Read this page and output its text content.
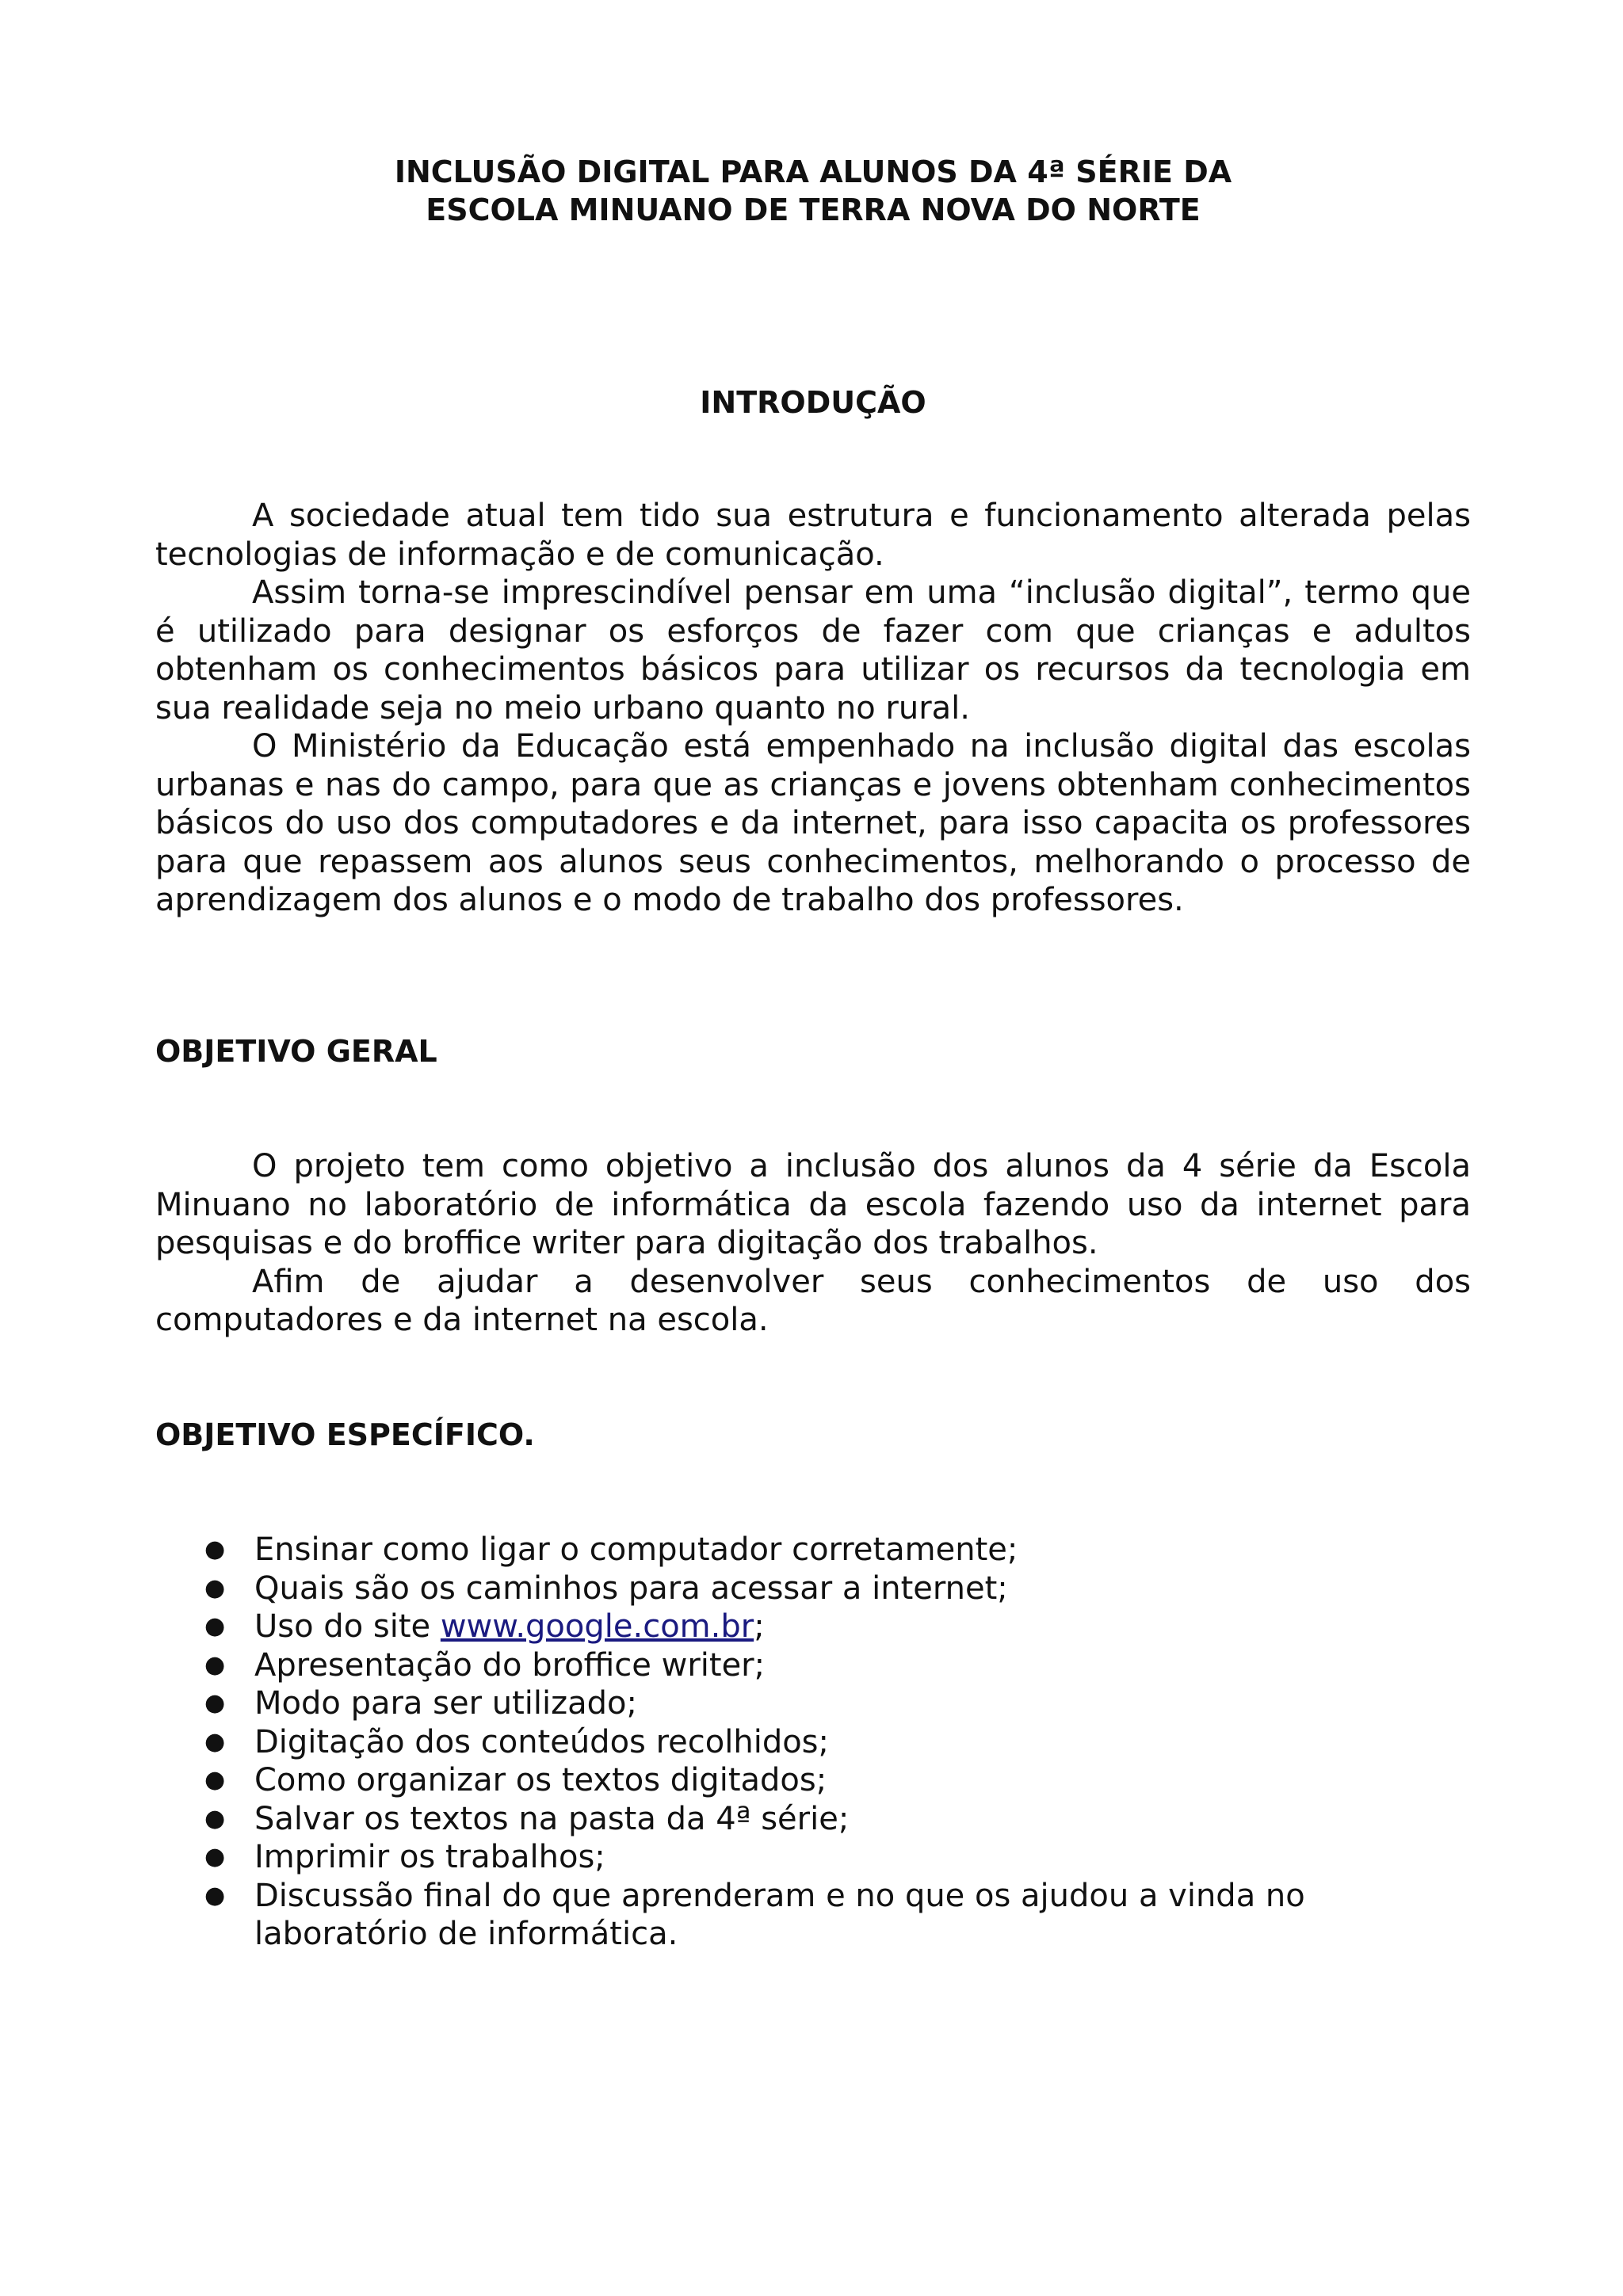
INCLUSÃO DIGITAL PARA ALUNOS DA 4ª SÉRIE DA
ESCOLA MINUANO DE TERRA NOVA DO NORTE
INTRODUÇÃO

A sociedade atual tem tido sua estrutura e funcionamento alterada pelas tecnologias de informação e de comunicação.

Assim torna-se imprescindível pensar em uma “inclusão digital”, termo que é utilizado para designar os esforços de fazer com que crianças e adultos obtenham os conhecimentos básicos para utilizar os recursos da tecnologia em sua realidade seja no meio urbano quanto no rural.

O Ministério da Educação está empenhado na inclusão digital das escolas urbanas e nas do campo, para que as crianças e jovens obtenham conhecimentos básicos do uso dos computadores e da internet, para isso capacita os professores para que repassem aos alunos seus conhecimentos, melhorando o processo de aprendizagem dos alunos e o modo de trabalho dos professores.

OBJETIVO GERAL

O projeto tem como objetivo a inclusão dos alunos da 4 série da Escola Minuano no laboratório de informática da escola fazendo uso da internet para pesquisas e do broffice writer para digitação dos trabalhos.

Afim de ajudar a desenvolver seus conhecimentos de uso dos computadores e da internet na escola.

OBJETIVO ESPECÍFICO.
● Ensinar como ligar o computador corretamente;
● Quais são os caminhos para acessar a internet;
● Uso do site www.google.com.br;
● Apresentação do broffice writer;
● Modo para ser utilizado;
● Digitação dos conteúdos recolhidos;
● Como organizar os textos digitados;
● Salvar os textos na pasta da 4ª série;
● Imprimir os trabalhos;
● Discussão final do que aprenderam e no que os ajudou a vinda no laboratório de informática.
